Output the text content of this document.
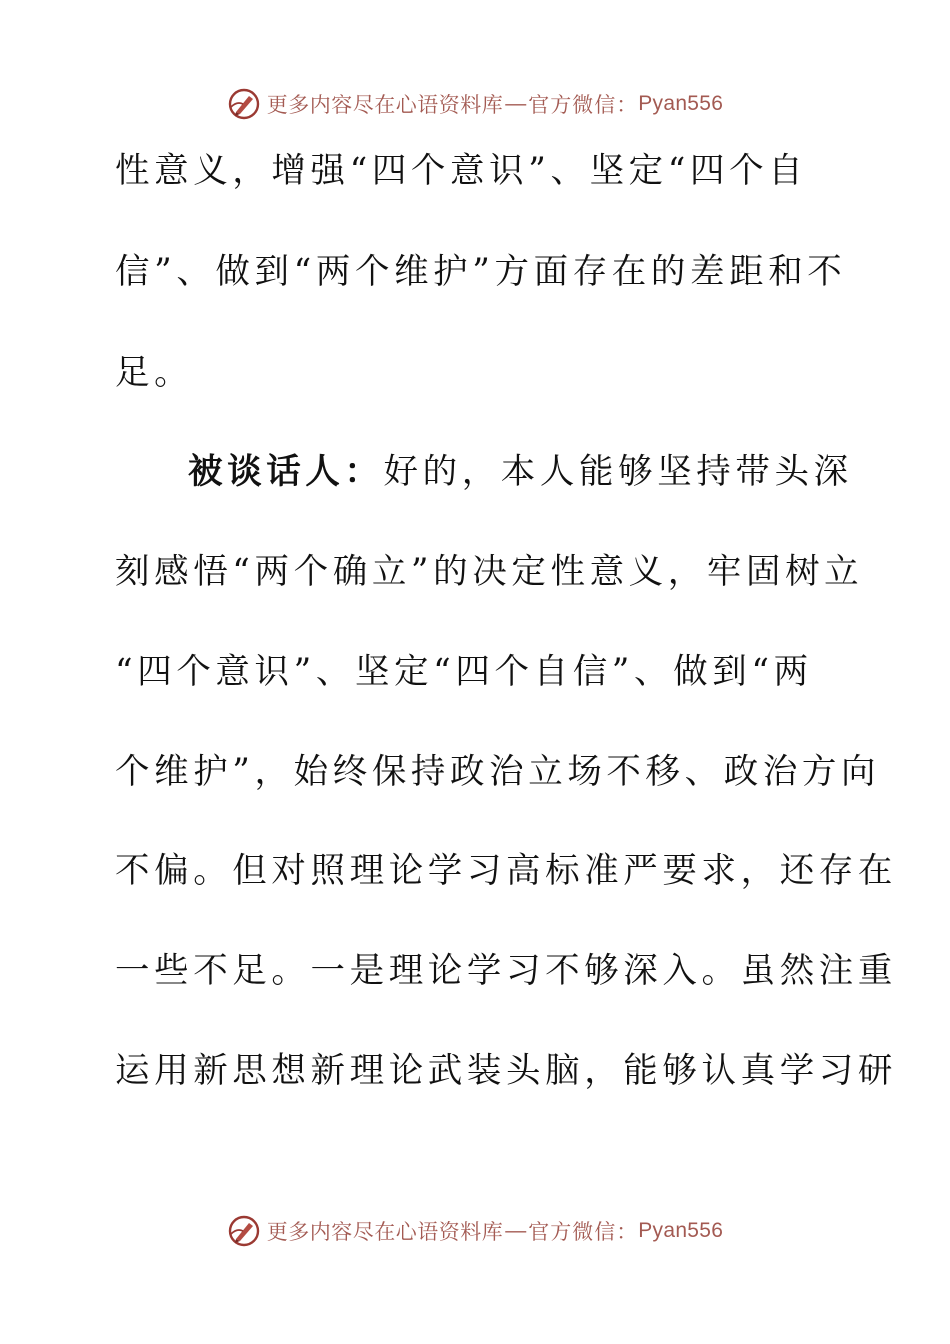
更多内容尽在心语资料库 — 官方微信： Pyan556
性意义，增强“四个意识”、坚定“四个自
信”、做到“两个维护”方面存在的差距和不
足。
被谈话人：好的，本人能够坚持带头深
刻感悟“两个确立”的决定性意义，牢固树立
“四个意识”、坚定“四个自信”、做到“两
个维护”，始终保持政治立场不移、政治方向
不偏。但对照理论学习高标准严要求，还存在
一些不足。一是理论学习不够深入。虽然注重
运用新思想新理论武装头脑，能够认真学习研
更多内容尽在心语资料库 — 官方微信： Pyan556
